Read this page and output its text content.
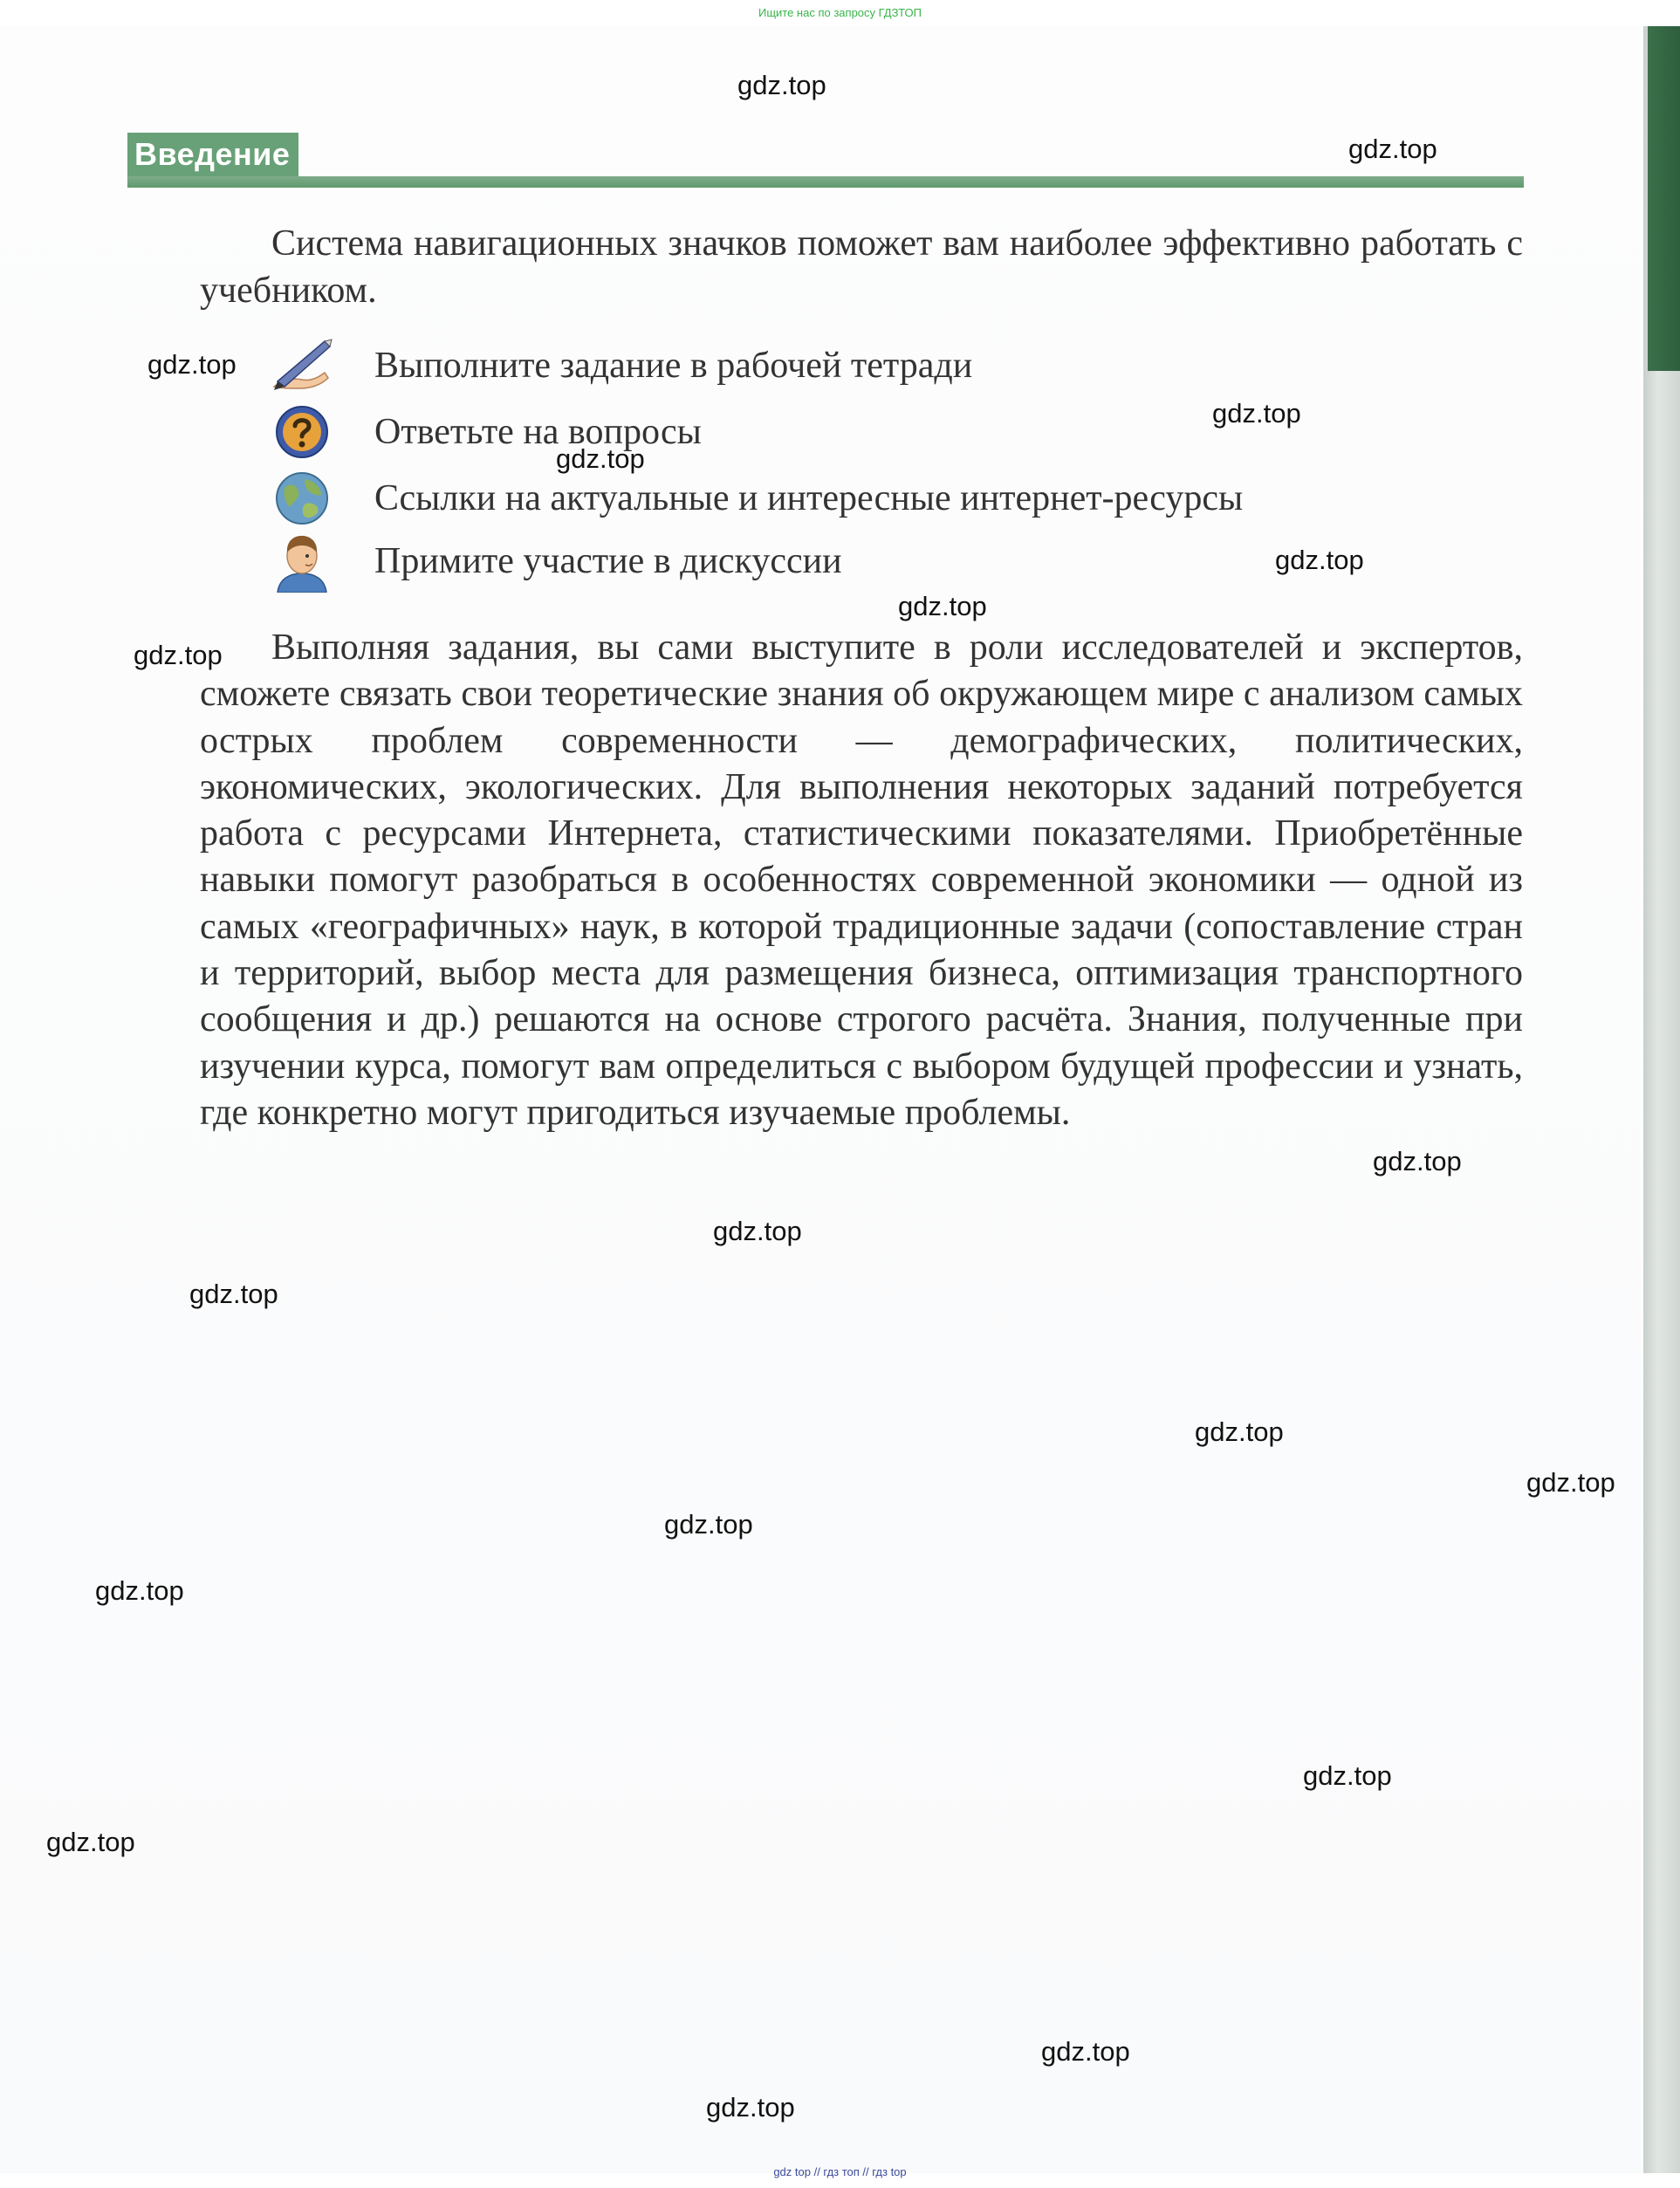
Ищите нас по запросу ГДЗТОП
Введение

Система навигационных значков поможет вам наиболее эффективно работать с учебником.

Выполните задание в рабочей тетради
Ответьте на вопросы
Ссылки на актуальные и интересные интернет-ресурсы
Примите участие в дискуссии

Выполняя задания, вы сами выступите в роли исследователей и экспертов, сможете связать свои теоретические знания об окружающем мире с анализом самых острых проблем современности — демографических, политических, экономических, экологических. Для выполнения некоторых заданий потребуется работа с ресурсами Интернета, статистическими показателями. Приобретённые навыки помогут разобраться в особенностях современной экономики — одной из самых «географичных» наук, в которой традиционные задачи (сопоставление стран и территорий, выбор места для размещения бизнеса, оптимизация транспортного сообщения и др.) решаются на основе строгого расчёта. Знания, полученные при изучении курса, помогут вам определиться с выбором будущей профессии и узнать, где конкретно могут пригодиться изучаемые проблемы.

gdz.top
gdz.top
gdz.top
gdz.top
gdz.top
gdz.top
gdz.top
gdz.top
gdz.top
gdz.top
gdz.top
gdz.top
gdz.top
gdz.top
gdz.top
gdz.top
gdz.top
gdz.top
gdz.top
gdz top // гдз топ // гдз top
